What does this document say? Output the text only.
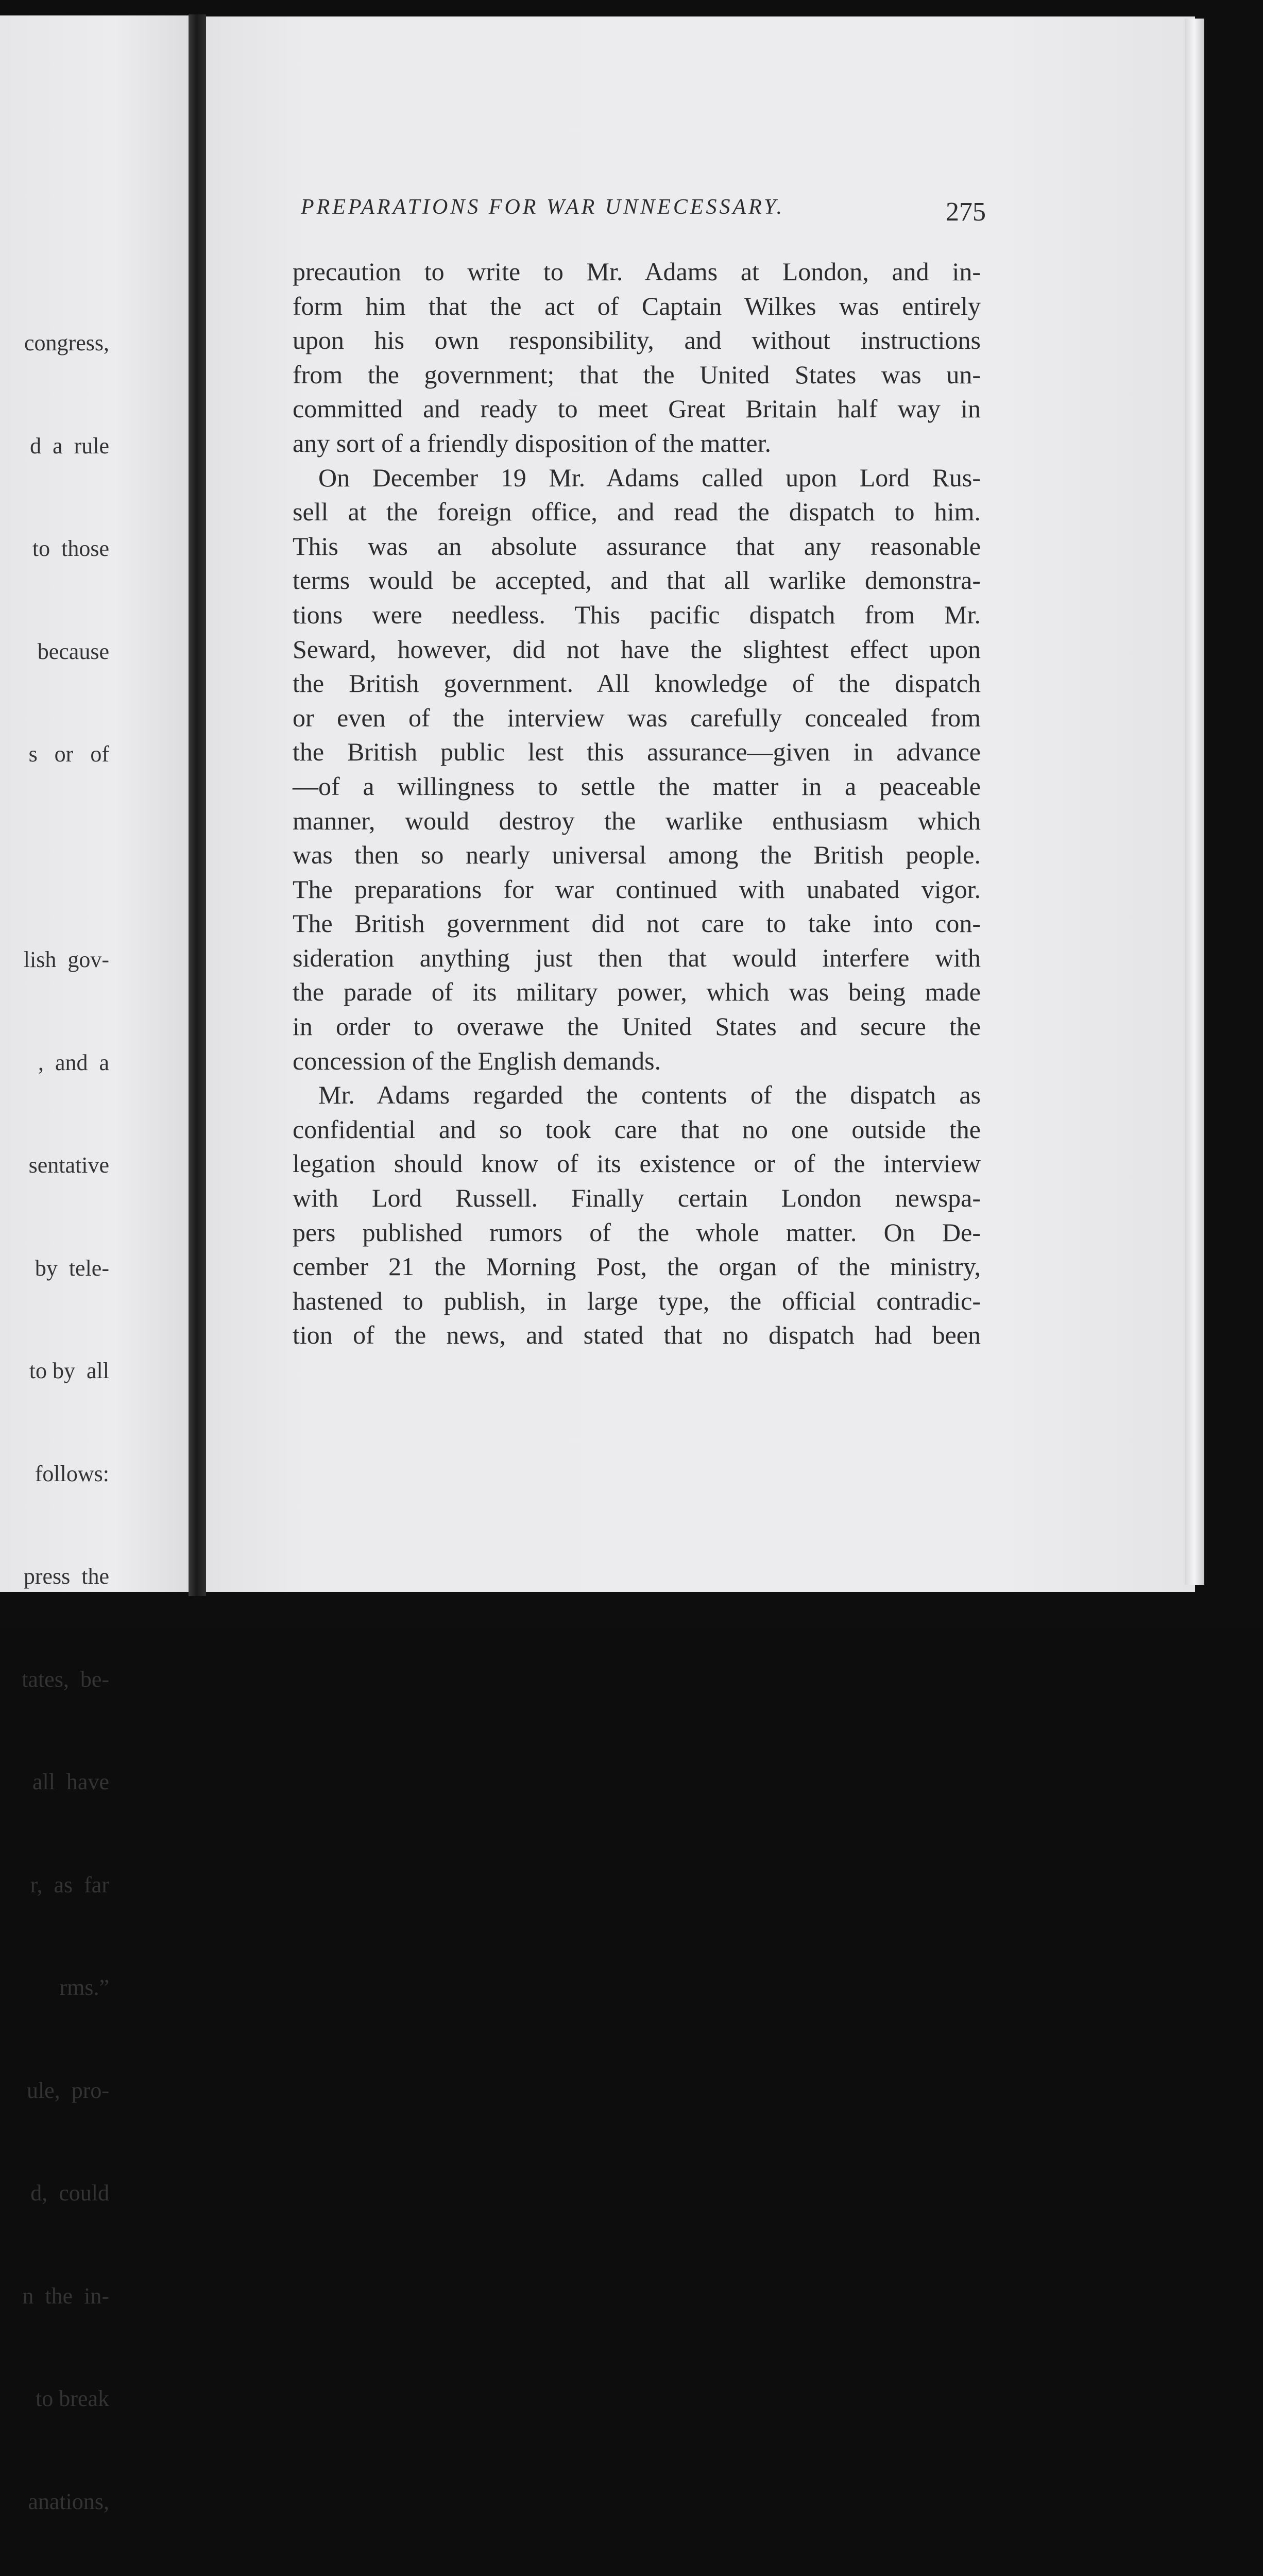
congress,

d  a  rule

to  those

because

s   or   of

lish  gov-

,  and  a

sentative

by  tele-

to by  all

follows:

press  the

tates,  be-

all  have

r,  as  far

rms.”

ule,  pro-

d,  could

n  the  in-

to break

anations,

PREPARATIONS FOR WAR UNNECESSARY.	275
precaution to write to Mr. Adams at London, and in-
form him that the act of Captain Wilkes was entirely
upon his own responsibility, and without instructions
from the government; that the United States was un-
committed and ready to meet Great Britain half way in
any sort of a friendly disposition of the matter.
On December 19 Mr. Adams called upon Lord Rus-
sell at the foreign office, and read the dispatch to him.
This was an absolute assurance that any reasonable
terms would be accepted, and that all warlike demonstra-
tions were needless. This pacific dispatch from Mr.
Seward, however, did not have the slightest effect upon
the British government. All knowledge of the dispatch
or even of the interview was carefully concealed from
the British public lest this assurance—given in advance
—of a willingness to settle the matter in a peaceable
manner, would destroy the warlike enthusiasm which
was then so nearly universal among the British people.
The preparations for war continued with unabated vigor.
The British government did not care to take into con-
sideration anything just then that would interfere with
the parade of its military power, which was being made
in order to overawe the United States and secure the
concession of the English demands.
Mr. Adams regarded the contents of the dispatch as
confidential and so took care that no one outside the
legation should know of its existence or of the interview
with Lord Russell. Finally certain London newspa-
pers published rumors of the whole matter. On De-
cember 21 the Morning Post, the organ of the ministry,
hastened to publish, in large type, the official contradic-
tion of the news, and stated that no dispatch had been
